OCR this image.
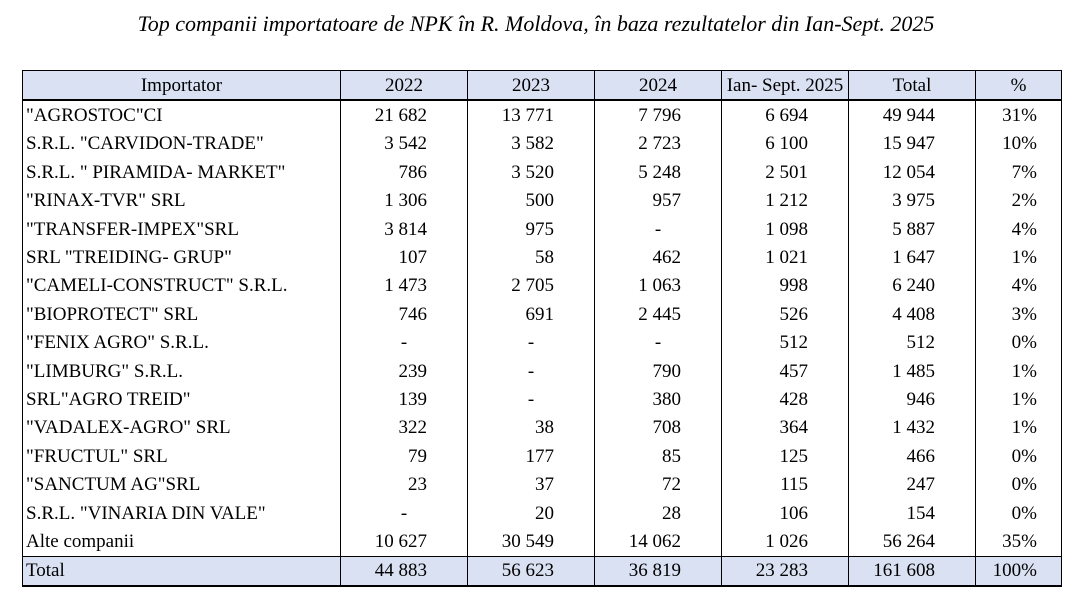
Top companii importatoare de NPK în R. Moldova, în baza rezultatelor din Ian-Sept. 2025
Importator	2022	2023	2024	Ian- Sept. 2025	Total	%
"AGROSTOC"CI	21 682	13 771	7 796	6 694	49 944	31%
S.R.L. "CARVIDON-TRADE"	3 542	3 582	2 723	6 100	15 947	10%
S.R.L. " PIRAMIDA- MARKET"	786	3 520	5 248	2 501	12 054	7%
"RINAX-TVR" SRL	1 306	500	957	1 212	3 975	2%
"TRANSFER-IMPEX"SRL	3 814	975	-	1 098	5 887	4%
SRL "TREIDING- GRUP"	107	58	462	1 021	1 647	1%
"CAMELI-CONSTRUCT" S.R.L.	1 473	2 705	1 063	998	6 240	4%
"BIOPROTECT" SRL	746	691	2 445	526	4 408	3%
"FENIX AGRO" S.R.L.	-	-	-	512	512	0%
"LIMBURG" S.R.L.	239	-	790	457	1 485	1%
SRL"AGRO TREID"	139	-	380	428	946	1%
"VADALEX-AGRO" SRL	322	38	708	364	1 432	1%
"FRUCTUL" SRL	79	177	85	125	466	0%
"SANCTUM AG"SRL	23	37	72	115	247	0%
S.R.L. "VINARIA DIN VALE"	-	20	28	106	154	0%
Alte companii	10 627	30 549	14 062	1 026	56 264	35%
Total	44 883	56 623	36 819	23 283	161 608	100%
